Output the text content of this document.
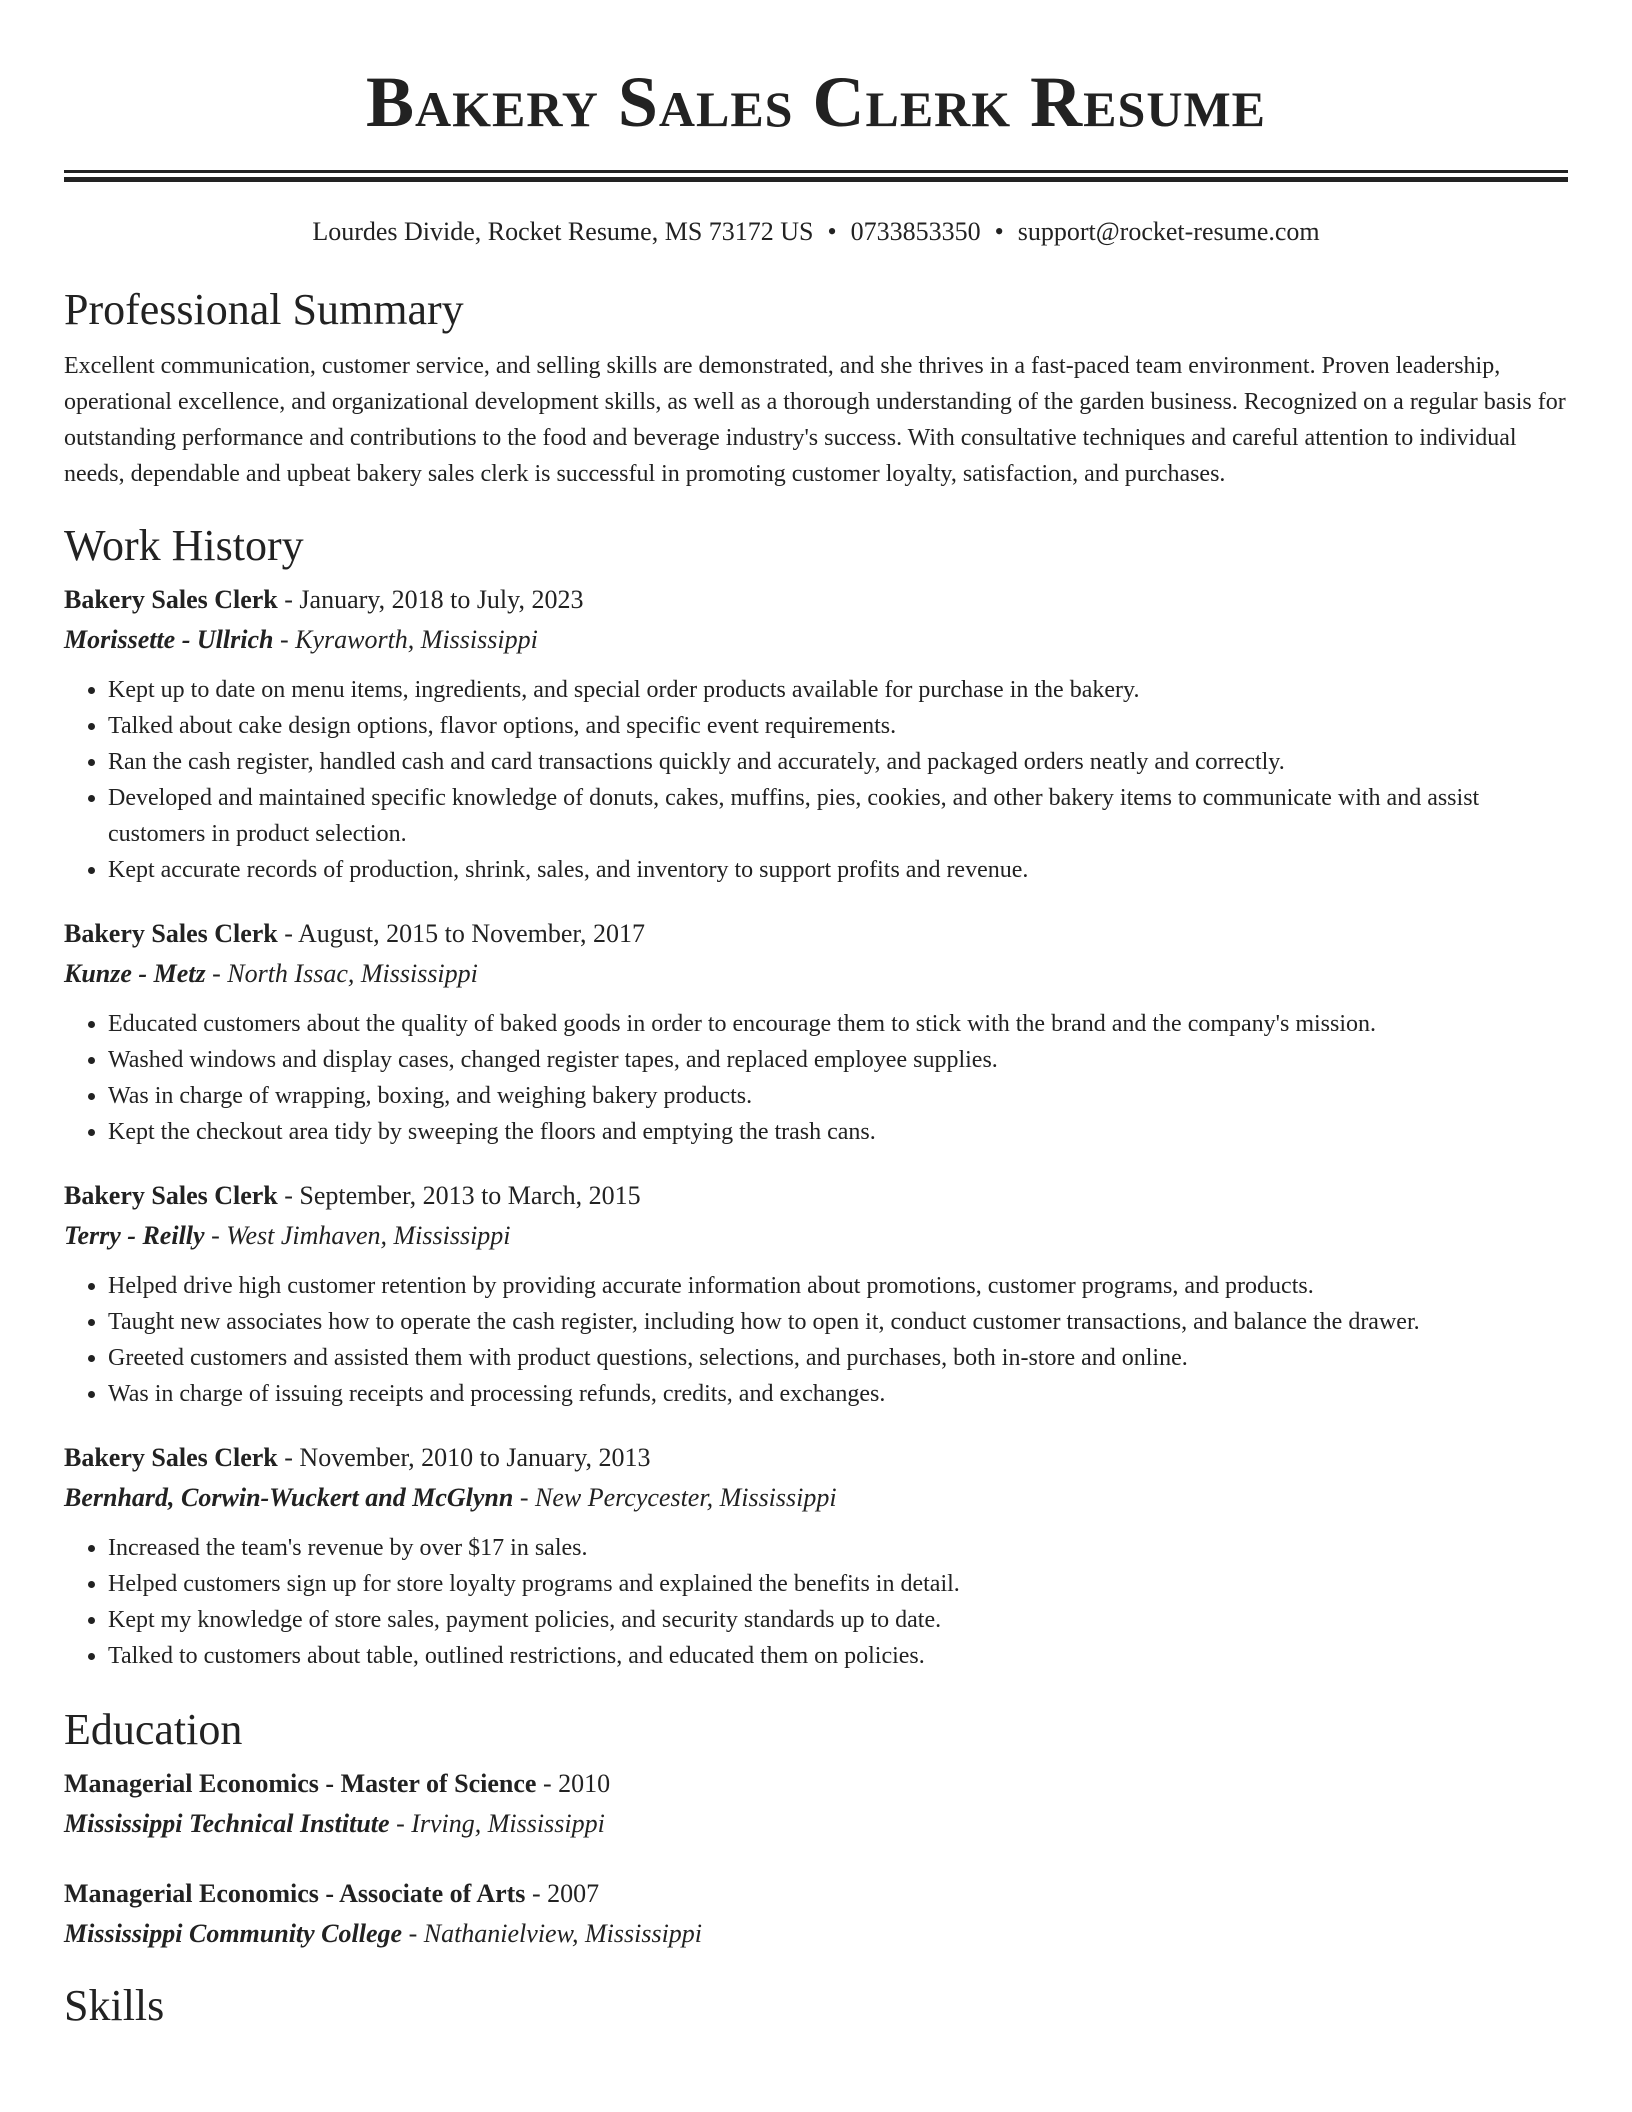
Bakery Sales Clerk Resume
Lourdes Divide, Rocket Resume, MS 73172 US • 0733853350 • support@rocket-resume.com
Professional Summary

Excellent communication, customer service, and selling skills are demonstrated, and she thrives in a fast-paced team environment. Proven leadership, operational excellence, and organizational development skills, as well as a thorough understanding of the garden business. Recognized on a regular basis for outstanding performance and contributions to the food and beverage industry's success. With consultative techniques and careful attention to individual needs, dependable and upbeat bakery sales clerk is successful in promoting customer loyalty, satisfaction, and purchases.

Work History
Bakery Sales Clerk - January, 2018 to July, 2023
Morissette - Ullrich - Kyraworth, Mississippi
• Kept up to date on menu items, ingredients, and special order products available for purchase in the bakery.
• Talked about cake design options, flavor options, and specific event requirements.
• Ran the cash register, handled cash and card transactions quickly and accurately, and packaged orders neatly and correctly.
• Developed and maintained specific knowledge of donuts, cakes, muffins, pies, cookies, and other bakery items to communicate with and assist customers in product selection.
• Kept accurate records of production, shrink, sales, and inventory to support profits and revenue.
Bakery Sales Clerk - August, 2015 to November, 2017
Kunze - Metz - North Issac, Mississippi
• Educated customers about the quality of baked goods in order to encourage them to stick with the brand and the company's mission.
• Washed windows and display cases, changed register tapes, and replaced employee supplies.
• Was in charge of wrapping, boxing, and weighing bakery products.
• Kept the checkout area tidy by sweeping the floors and emptying the trash cans.
Bakery Sales Clerk - September, 2013 to March, 2015
Terry - Reilly - West Jimhaven, Mississippi
• Helped drive high customer retention by providing accurate information about promotions, customer programs, and products.
• Taught new associates how to operate the cash register, including how to open it, conduct customer transactions, and balance the drawer.
• Greeted customers and assisted them with product questions, selections, and purchases, both in-store and online.
• Was in charge of issuing receipts and processing refunds, credits, and exchanges.
Bakery Sales Clerk - November, 2010 to January, 2013
Bernhard, Corwin-Wuckert and McGlynn - New Percycester, Mississippi
• Increased the team's revenue by over $17 in sales.
• Helped customers sign up for store loyalty programs and explained the benefits in detail.
• Kept my knowledge of store sales, payment policies, and security standards up to date.
• Talked to customers about table, outlined restrictions, and educated them on policies.
Education
Managerial Economics - Master of Science - 2010
Mississippi Technical Institute - Irving, Mississippi
Managerial Economics - Associate of Arts - 2007
Mississippi Community College - Nathanielview, Mississippi
Skills
